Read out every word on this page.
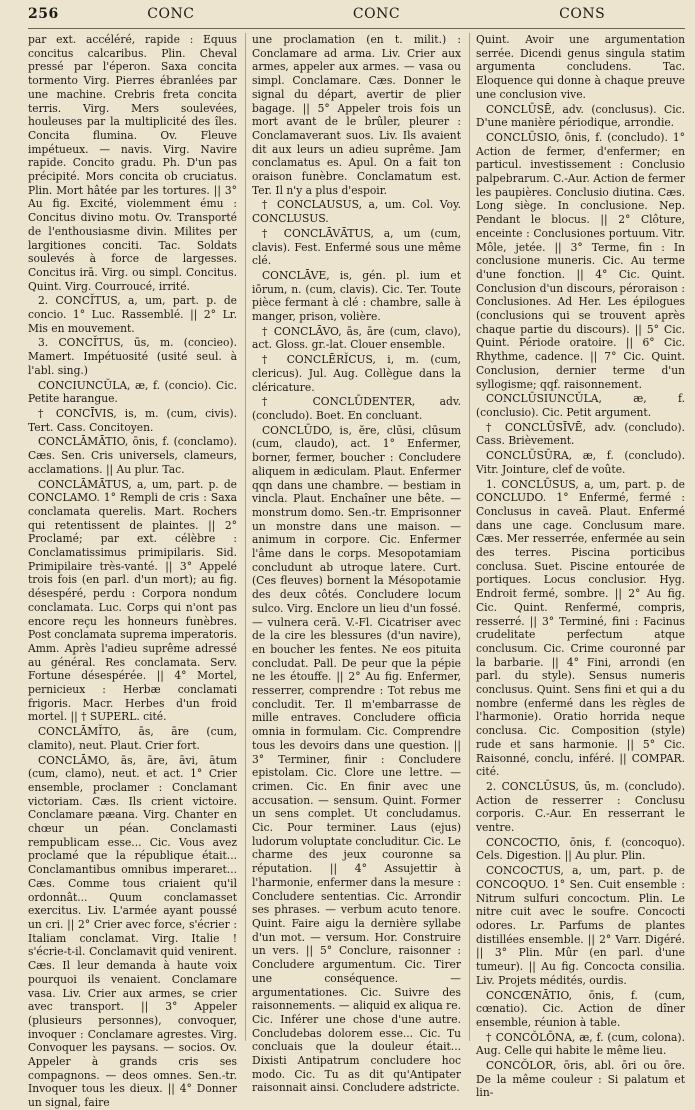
256	CONC	CONC	CONS

par ext. accéléré, rapide : Equus concitus calcaribus. Plin. Cheval pressé par l'éperon. Saxa concita tormento Virg. Pierres ébranlées par une machine. Crebris freta concita terris. Virg. Mers soulevées, houleuses par la multiplicité des îles. Concita flumina. Ov. Fleuve impétueux. — navis. Virg. Navire rapide. Concito gradu. Ph. D'un pas précipité. Mors concita ob cruciatus. Plin. Mort hâtée par les tortures. || 3° Au fig. Excité, violemment ému : Concitus divino motu. Ov. Transporté de l'enthousiasme divin. Milites per largitiones conciti. Tac. Soldats soulevés à force de largesses. Concitus irā. Virg. ou simpl. Concitus. Quint. Virg. Courroucé, irrité.

2. CONCĬTUS, a, um, part. p. de concio. 1° Luc. Rassemblé. || 2° Lr. Mis en mouvement.

3. CONCĬTUS, ūs, m. (concieo). Mamert. Impétuosité (usité seul. à l'abl. sing.)

CONCIUNCŬLA, æ, f. (concio). Cic. Petite harangue.

† CONCĪVIS, is, m. (cum, civis). Tert. Cass. Concitoyen.

CONCLĀMĀTIO, ōnis, f. (conclamo). Cæs. Sen. Cris universels, clameurs, acclamations. || Au plur. Tac.

CONCLĀMĀTUS, a, um, part. p. de CONCLAMO. 1° Rempli de cris : Saxa conclamata querelis. Mart. Rochers qui retentissent de plaintes. || 2° Proclamé; par ext. célèbre : Conclamatissimus primipilaris. Sid. Primipilaire très-vanté. || 3° Appelé trois fois (en parl. d'un mort); au fig. désespéré, perdu : Corpora nondum conclamata. Luc. Corps qui n'ont pas encore reçu les honneurs funèbres. Post conclamata suprema imperatoris. Amm. Après l'adieu suprême adressé au général. Res conclamata. Serv. Fortune désespérée. || 4° Mortel, pernicieux : Herbæ conclamati frigoris. Macr. Herbes d'un froid mortel. || † SUPERL. cité.

CONCLĀMĬTO, ās, āre (cum, clamito), neut. Plaut. Crier fort.

CONCLĀMO, ās, āre, āvi, ātum (cum, clamo), neut. et act. 1° Crier ensemble, proclamer : Conclamant victoriam. Cæs. Ils crient victoire. Conclamare pæana. Virg. Chanter en chœur un péan. Conclamasti rempublicam esse... Cic. Vous avez proclamé que la république était... Conclamantibus omnibus imperaret... Cæs. Comme tous criaient qu'il ordonnât... Quum conclamasset exercitus. Liv. L'armée ayant poussé un cri. || 2° Crier avec force, s'écrier : Italiam conclamat. Virg. Italie ! s'écrie-t-il. Conclamavit quid venirent. Cæs. Il leur demanda à haute voix pourquoi ils venaient. Conclamare vasa. Liv. Crier aux armes, se crier avec transport. || 3° Appeler (plusieurs personnes), convoquer, invoquer : Conclamare agrestes. Virg. Convoquer les paysans. — socios. Ov. Appeler à grands cris ses compagnons. — deos omnes. Sen.-tr. Invoquer tous les dieux. || 4° Donner un signal, faire

une proclamation (en t. milit.) : Conclamare ad arma. Liv. Crier aux armes, appeler aux armes. — vasa ou simpl. Conclamare. Cæs. Donner le signal du départ, avertir de plier bagage. || 5° Appeler trois fois un mort avant de le brûler, pleurer : Conclamaverant suos. Liv. Ils avaient dit aux leurs un adieu suprême. Jam conclamatus es. Apul. On a fait ton oraison funèbre. Conclamatum est. Ter. Il n'y a plus d'espoir.

† CONCLAUSUS, a, um. Col. Voy. CONCLUSUS.

† CONCLĀVĀTUS, a, um (cum, clavis). Fest. Enfermé sous une même clé.

CONCLĀVE, is, gén. pl. ium et iōrum, n. (cum, clavis). Cic. Ter. Toute pièce fermant à clé : chambre, salle à manger, prison, volière.

† CONCLĀVO, ās, āre (cum, clavo), act. Gloss. gr.-lat. Clouer ensemble.

† CONCLĒRĬCUS, i, m. (cum, clericus). Jul. Aug. Collègue dans la cléricature.

† CONCLŪDENTER, adv. (concludo). Boet. En concluant.

CONCLŪDO, is, ĕre, clūsi, clūsum (cum, claudo), act. 1° Enfermer, borner, fermer, boucher : Concludere aliquem in ædiculam. Plaut. Enfermer qqn dans une chambre. — bestiam in vincla. Plaut. Enchaîner une bête. — monstrum domo. Sen.-tr. Emprisonner un monstre dans une maison. — animum in corpore. Cic. Enfermer l'âme dans le corps. Mesopotamiam concludunt ab utroque latere. Curt. (Ces fleuves) bornent la Mésopotamie des deux côtés. Concludere locum sulco. Virg. Enclore un lieu d'un fossé. — vulnera cerā. V.-Fl. Cicatriser avec de la cire les blessures (d'un navire), en boucher les fentes. Ne eos pituita concludat. Pall. De peur que la pépie ne les étouffe. || 2° Au fig. Enfermer, resserrer, comprendre : Tot rebus me concludit. Ter. Il m'embarrasse de mille entraves. Concludere officia omnia in formulam. Cic. Comprendre tous les devoirs dans une question. || 3° Terminer, finir : Concludere epistolam. Cic. Clore une lettre. — crimen. Cic. En finir avec une accusation. — sensum. Quint. Former un sens complet. Ut concludamus. Cic. Pour terminer. Laus (ejus) ludorum voluptate concluditur. Cic. Le charme des jeux couronne sa réputation. || 4° Assujettir à l'harmonie, enfermer dans la mesure : Concludere sententias. Cic. Arrondir ses phrases. — verbum acuto tenore. Quint. Faire aigu la dernière syllabe d'un mot. — versum. Hor. Construire un vers. || 5° Conclure, raisonner : Concludere argumentum. Cic. Tirer une conséquence. — argumentationes. Cic. Suivre des raisonnements. — aliquid ex aliqua re. Cic. Inférer une chose d'une autre. Concludebas dolorem esse... Cic. Tu concluais que la douleur était... Dixisti Antipatrum concludere hoc modo. Cic. Tu as dit qu'Antipater raisonnait ainsi. Concludere adstricte.

Quint. Avoir une argumentation serrée. Dicendi genus singula statim argumenta concludens. Tac. Eloquence qui donne à chaque preuve une conclusion vive.

CONCLŪSĒ, adv. (conclusus). Cic. D'une manière périodique, arrondie.

CONCLŪSIO, ōnis, f. (concludo). 1° Action de fermer, d'enfermer; en particul. investissement : Conclusio palpebrarum. C.-Aur. Action de fermer les paupières. Conclusio diutina. Cæs. Long siège. In conclusione. Nep. Pendant le blocus. || 2° Clôture, enceinte : Conclusiones portuum. Vitr. Môle, jetée. || 3° Terme, fin : In conclusione muneris. Cic. Au terme d'une fonction. || 4° Cic. Quint. Conclusion d'un discours, péroraison : Conclusiones. Ad Her. Les épilogues (conclusions qui se trouvent après chaque partie du discours). || 5° Cic. Quint. Période oratoire. || 6° Cic. Rhythme, cadence. || 7° Cic. Quint. Conclusion, dernier terme d'un syllogisme; qqf. raisonnement.

CONCLŪSIUNCŬLA, æ, f. (conclusio). Cic. Petit argument.

† CONCLŪSĪVĒ, adv. (concludo). Cass. Brièvement.

CONCLŪSŪRA, æ, f. (concludo). Vitr. Jointure, clef de voûte.

1. CONCLŪSUS, a, um, part. p. de CONCLUDO. 1° Enfermé, fermé : Conclusus in caveā. Plaut. Enfermé dans une cage. Conclusum mare. Cæs. Mer resserrée, enfermée au sein des terres. Piscina porticibus conclusa. Suet. Piscine entourée de portiques. Locus conclusior. Hyg. Endroit fermé, sombre. || 2° Au fig. Cic. Quint. Renfermé, compris, resserré. || 3° Terminé, fini : Facinus crudelitate perfectum atque conclusum. Cic. Crime couronné par la barbarie. || 4° Fini, arrondi (en parl. du style). Sensus numeris conclusus. Quint. Sens fini et qui a du nombre (enfermé dans les règles de l'harmonie). Oratio horrida neque conclusa. Cic. Composition (style) rude et sans harmonie. || 5° Cic. Raisonné, conclu, inféré. || COMPAR. cité.

2. CONCLŪSUS, ūs, m. (concludo). Action de resserrer : Conclusu corporis. C.-Aur. En resserrant le ventre.

CONCOCTIO, ōnis, f. (concoquo). Cels. Digestion. || Au plur. Plin.

CONCOCTUS, a, um, part. p. de CONCOQUO. 1° Sen. Cuit ensemble : Nitrum sulfuri concoctum. Plin. Le nitre cuit avec le soufre. Concocti odores. Lr. Parfums de plantes distillées ensemble. || 2° Varr. Digéré. || 3° Plin. Mûr (en parl. d'une tumeur). || Au fig. Concocta consilia. Liv. Projets médités, ourdis.

CONCŒNĀTIO, ōnis, f. (cum, cœnatio). Cic. Action de dîner ensemble, réunion à table.

† CONCŎLŌNA, æ, f. (cum, colona). Aug. Celle qui habite le même lieu.

CONCŎLOR, ōris, abl. ōri ou ōre. De la même couleur : Si palatum et lin-
